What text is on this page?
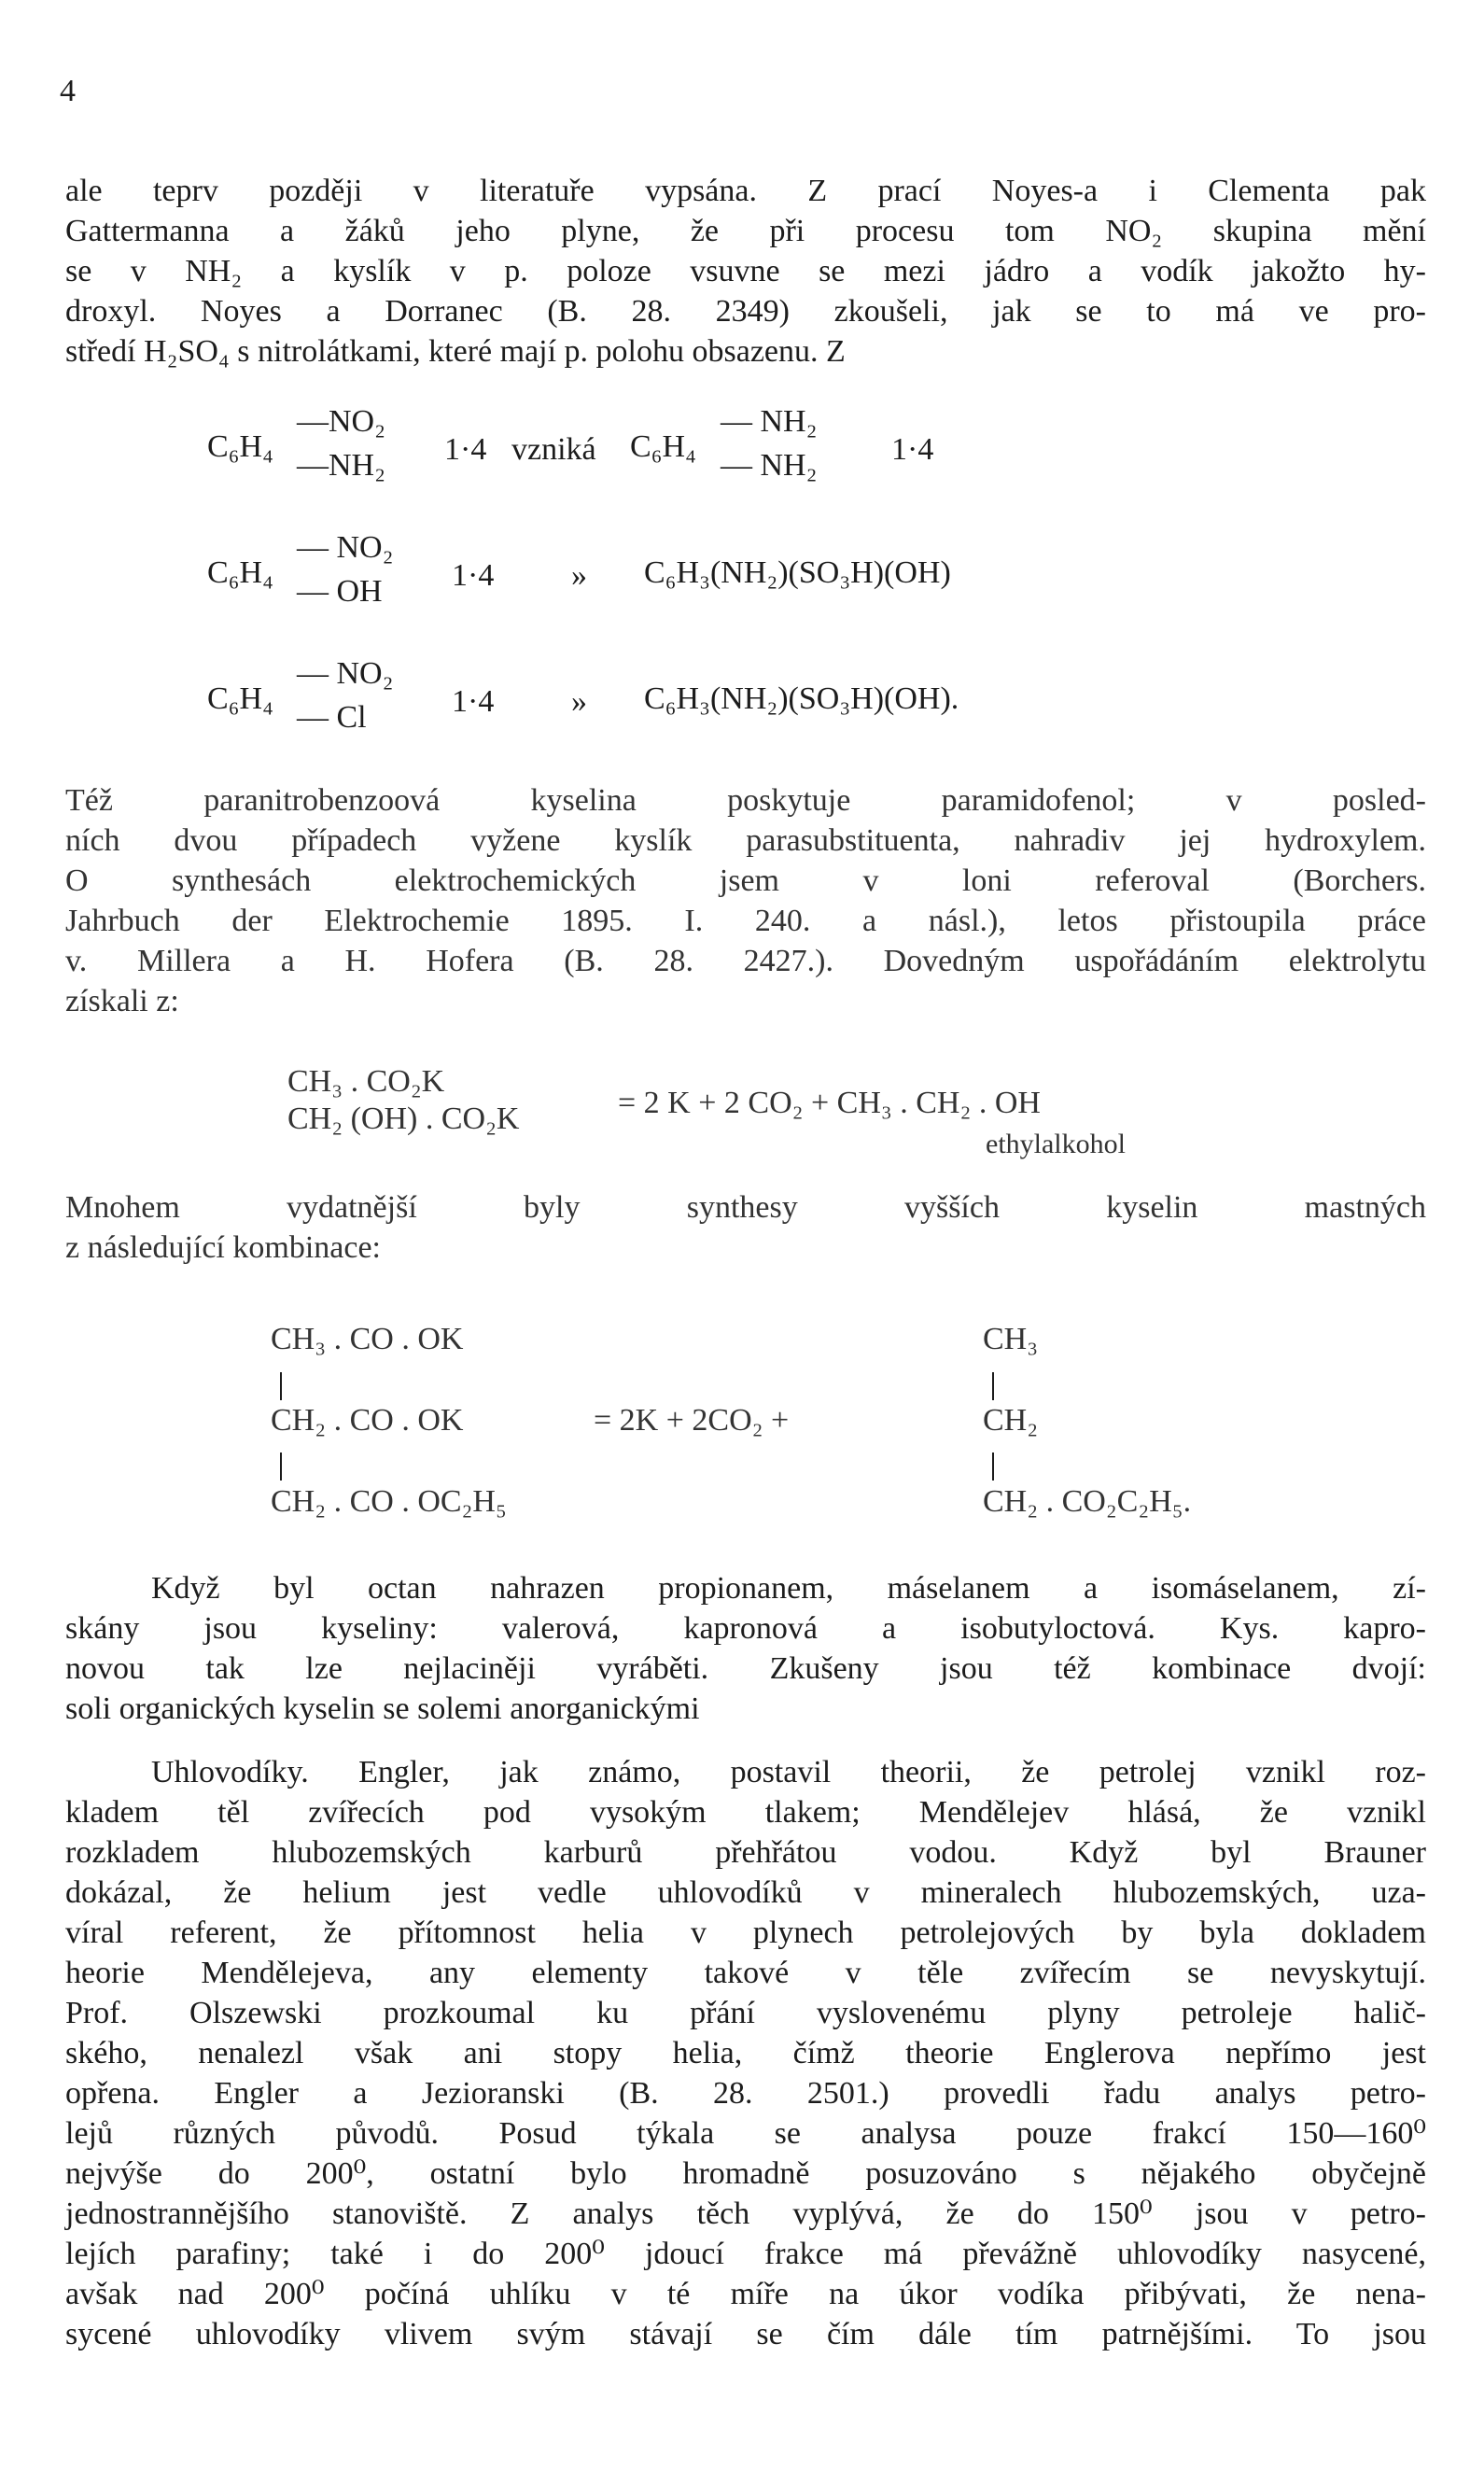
4
ale teprv později v literatuře vypsána. Z prací Noyes-a i Clementa pak
Gattermanna a žáků jeho plyne, že při procesu tom NO₂ skupina mění
se v NH₂ a kyslík v p. poloze vsuvne se mezi jádro a vodík jakožto hy-
droxyl. Noyes a Dorranec (B. 28. 2349) zkoušeli, jak se to má ve pro-
středí H₂SO₄ s nitrolátkami, které mají p. polohu obsazenu. Z
C₆H₄
—NO₂
—NH₂ 1·4 vzniká C₆H₄
— NH₂
— NH₂ 1·4
C₆H₄
— NO₂
— OH 1·4 » C₆H₃(NH₂)(SO₃H)(OH)
C₆H₄
— NO₂
— Cl	1·4 » C₆H₃(NH₂)(SO₃H)(OH).
Též paranitrobenzoová kyselina poskytuje paramidofenol; v posled-
ních dvou případech vyžene kyslík parasubstituenta, nahradiv jej hydroxylem.
O synthesách elektrochemických jsem v loni referoval (Borchers.
Jahrbuch der Elektrochemie 1895. I. 240. a násl.), letos přistoupila práce
v. Millera a H. Hofera (B. 28. 2427.). Dovedným uspořádáním elektrolytu
získali z:
CH₃ . CO₂K
CH₂ (OH) . CO₂K	= 2 K + 2 CO₂ + CH₃ . CH₂ . OH
ethylalkohol
Mnohem vydatnější byly synthesy vyšších kyselin mastných
z následující kombinace:
CH₃ . CO . OK
CH₂ . CO . OK
CH₂ . CO . OC₂H₅
= 2K + 2CO₂ +
CH₃
CH₂
CH₂ . CO₂C₂H₅.
Když byl octan nahrazen propionanem, máselanem a isomáselanem, zí-
skány jsou kyseliny: valerová, kapronová a isobutyloctová. Kys. kapro-
novou tak lze nejlaciněji vyráběti. Zkušeny jsou též kombinace dvojí:
soli organických kyselin se solemi anorganickými
Uhlovodíky. Engler, jak známo, postavil theorii, že petrolej vznikl roz-
kladem těl zvířecích pod vysokým tlakem; Mendělejev hlásá, že vznikl
rozkladem hlubozemských karburů přehřátou vodou. Když byl Brauner
dokázal, že helium jest vedle uhlovodíků v mineralech hlubozemských, uza-
víral referent, že přítomnost helia v plynech petrolejových by byla dokladem
heorie Mendělejeva, any elementy takové v těle zvířecím se nevyskytují.
Prof. Olszewski prozkoumal ku přání vyslovenému plyny petroleje halič-
ského, nenalezl však ani stopy helia, čímž theorie Englerova nepřímo jest
opřena. Engler a Jezioranski (B. 28. 2501.) provedli řadu analys petro-
lejů různých původů. Posud týkala se analysa pouze frakcí 150—160⁰
nejvýše do 200⁰, ostatní bylo hromadně posuzováno s nějakého obyčejně
jednostrannějšího stanoviště. Z analys těch vyplývá, že do 150⁰ jsou v petro-
lejích parafiny; také i do 200⁰ jdoucí frakce má převážně uhlovodíky nasycené,
avšak nad 200⁰ počíná uhlíku v té míře na úkor vodíka přibývati, že nena-
sycené uhlovodíky vlivem svým stávají se čím dále tím patrnějšími. To jsou
